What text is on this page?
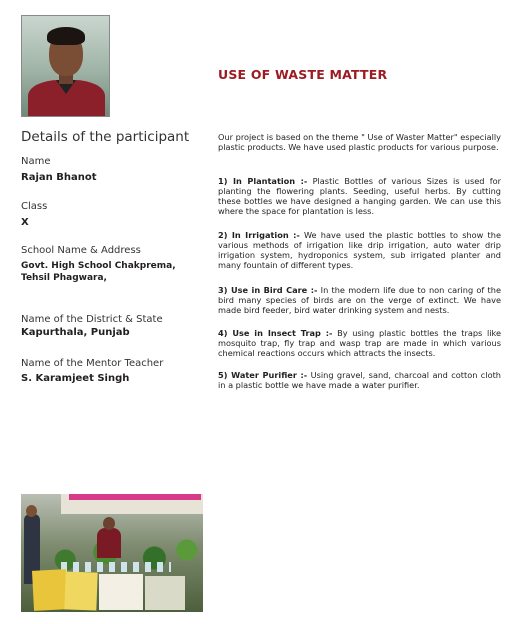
USE OF WASTE MATTER
Details of the participant
Name
Rajan Bhanot
Class
X
School Name & Address
Govt. High School Chakprema,
Tehsil Phagwara,
Name of the District & State
Kapurthala, Punjab
Name of the Mentor Teacher
S. Karamjeet Singh
Our project is based on the theme " Use of Waster Matter" especially plastic products. We have used plastic products for various purpose.
1) In Plantation :- Plastic Bottles of various Sizes is used for planting the flowering plants. Seeding, useful herbs. By cutting these bottles we have designed a hanging garden. We can use this where the space for plantation is less.
2) In Irrigation :- We have used the plastic bottles to show the various methods of irrigation like drip irrigation, auto water drip irrigation system, hydroponics system, sub irrigated planter and many fountain of different types.
3) Use in Bird Care :- In the modern life due to non caring of the bird many species of birds are on the verge of extinct. We have made bird feeder, bird water drinking system and nests.
4) Use in Insect Trap :- By using plastic bottles the traps like mosquito trap, fly trap and wasp trap are made in which various chemical reactions occurs which attracts the insects.
5) Water Purifier :- Using gravel, sand, charcoal and cotton cloth in a plastic bottle we have made a water purifier.
